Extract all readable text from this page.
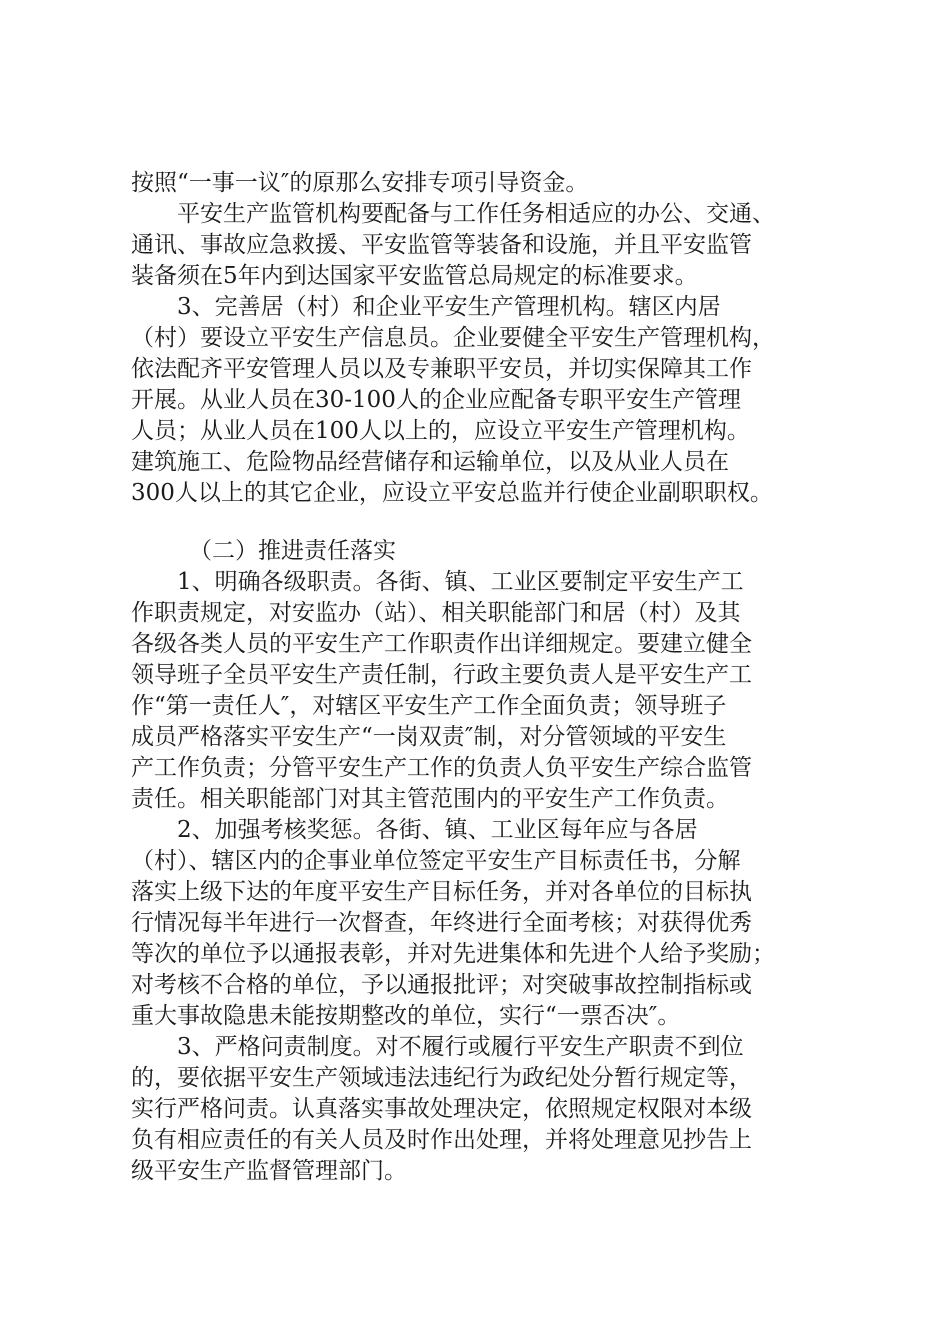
按照“一事一议″的原那么安排专项引导资金。
平安生产监管机构要配备与工作任务相适应的办公、交通、
通讯、事故应急救援、平安监管等装备和设施，并且平安监管
装备须在5年内到达国家平安监管总局规定的标准要求。
3、完善居（村）和企业平安生产管理机构。辖区内居
（村）要设立平安生产信息员。企业要健全平安生产管理机构，
依法配齐平安管理人员以及专兼职平安员，并切实保障其工作
开展。从业人员在30-100人的企业应配备专职平安生产管理
人员；从业人员在100人以上的，应设立平安生产管理机构。
建筑施工、危险物品经营储存和运输单位，以及从业人员在
300人以上的其它企业，应设立平安总监并行使企业副职职权。
（二）推进责任落实
1、明确各级职责。各街、镇、工业区要制定平安生产工
作职责规定，对安监办（站）、相关职能部门和居（村）及其
各级各类人员的平安生产工作职责作出详细规定。要建立健全
领导班子全员平安生产责任制，行政主要负责人是平安生产工
作“第一责任人″，对辖区平安生产工作全面负责；领导班子
成员严格落实平安生产“一岗双责″制，对分管领域的平安生
产工作负责；分管平安生产工作的负责人负平安生产综合监管
责任。相关职能部门对其主管范围内的平安生产工作负责。
2、加强考核奖惩。各街、镇、工业区每年应与各居
（村）、辖区内的企事业单位签定平安生产目标责任书，分解
落实上级下达的年度平安生产目标任务，并对各单位的目标执
行情况每半年进行一次督查，年终进行全面考核；对获得优秀
等次的单位予以通报表彰，并对先进集体和先进个人给予奖励；
对考核不合格的单位，予以通报批评；对突破事故控制指标或
重大事故隐患未能按期整改的单位，实行“一票否决″。
3、严格问责制度。对不履行或履行平安生产职责不到位
的，要依据平安生产领域违法违纪行为政纪处分暂行规定等，
实行严格问责。认真落实事故处理决定，依照规定权限对本级
负有相应责任的有关人员及时作出处理，并将处理意见抄告上
级平安生产监督管理部门。
